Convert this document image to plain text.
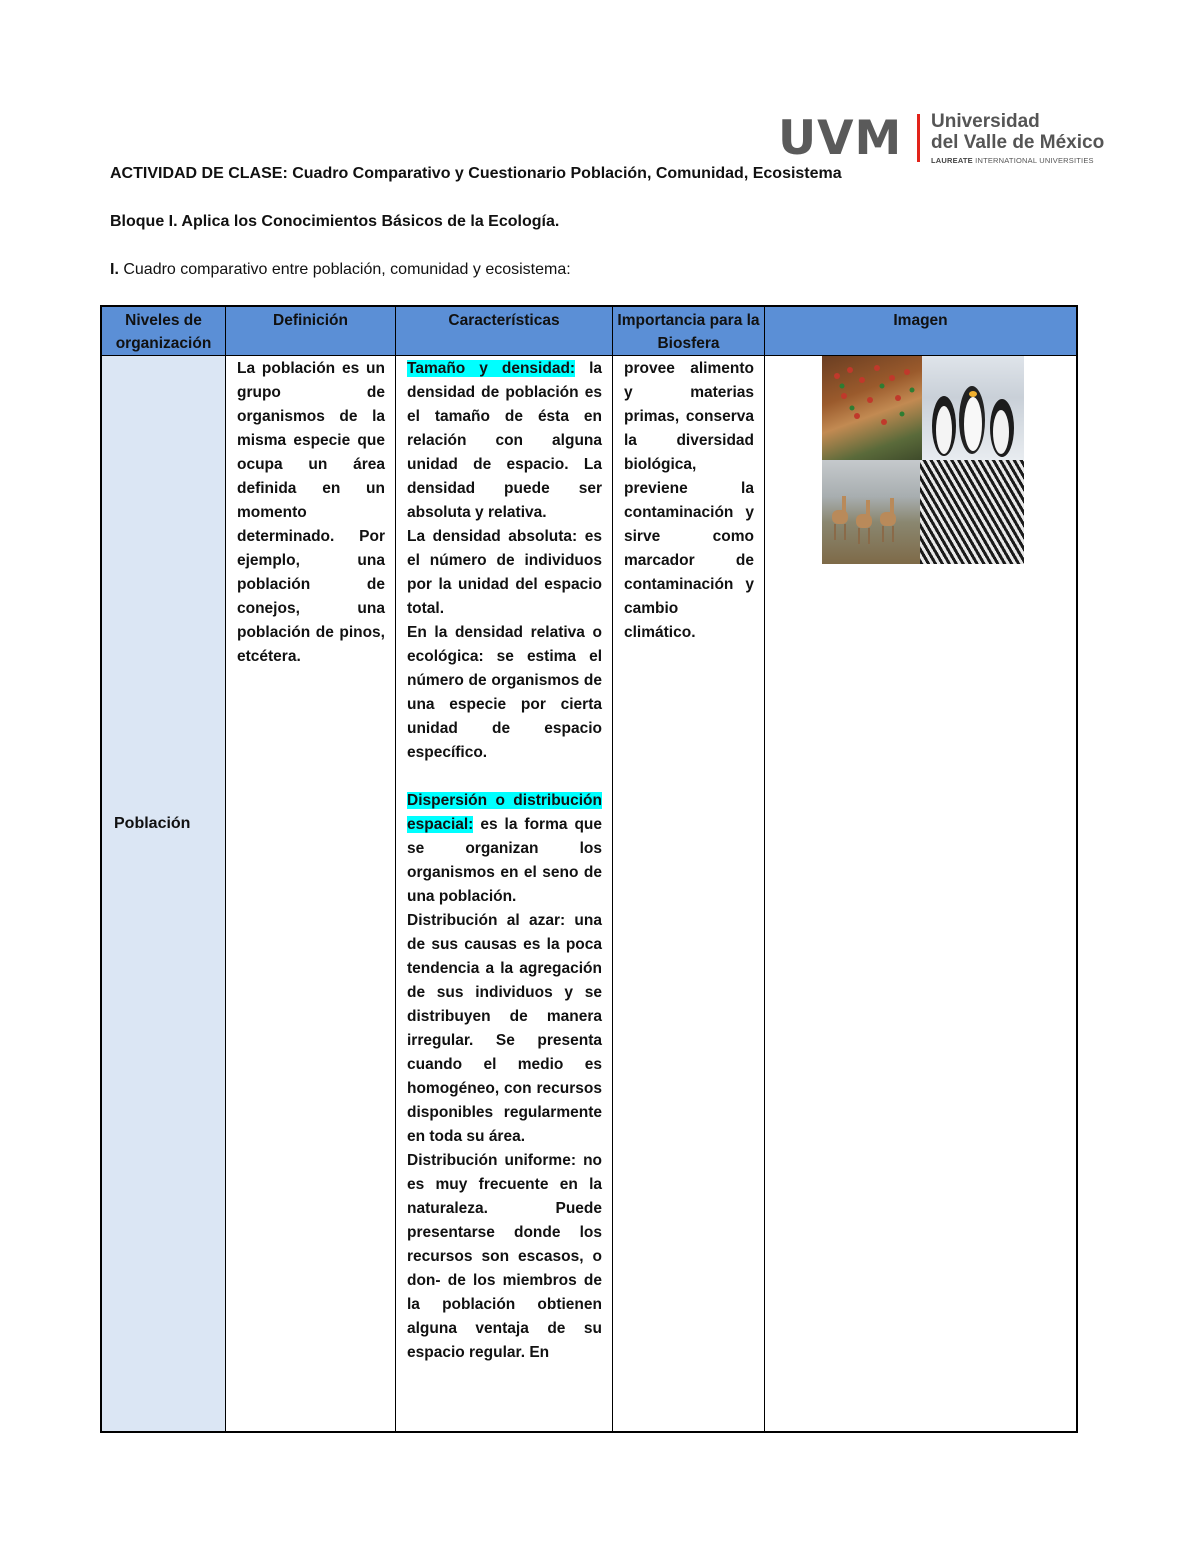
UVM Universidad
del Valle de México
LAUREATE INTERNATIONAL UNIVERSITIES
ACTIVIDAD DE CLASE: Cuadro Comparativo y Cuestionario Población, Comunidad, Ecosistema
Bloque I. Aplica los Conocimientos Básicos de la Ecología.
I. Cuadro comparativo entre población, comunidad y ecosistema:
Población
Niveles de organización
Definición	Características	Importancia para la Biosfera
Imagen

La población es un grupo de organismos de la misma especie que ocupa un área definida en un momento determinado. Por ejemplo, una población de conejos, una población de pinos, etcétera.

Tamaño y densidad: la densidad de población es el tamaño de ésta en relación con alguna unidad de espacio. La densidad puede ser absoluta y relativa.

La densidad absoluta: es el número de individuos por la unidad del espacio total.

En la densidad relativa o ecológica: se estima el número de organismos de una especie por cierta unidad de espacio específico.

Dispersión o distribución espacial: es la forma que se organizan los organismos en el seno de una población.

Distribución al azar: una de sus causas es la poca tendencia a la agregación de sus individuos y se distribuyen de manera irregular. Se presenta cuando el medio es homogéneo, con recursos disponibles regularmente en toda su área.

Distribución uniforme: no es muy frecuente en la naturaleza. Puede presentarse donde los recursos son escasos, o don- de los miembros de la población obtienen alguna ventaja de su espacio regular. En

provee alimento y materias primas, conserva la diversidad biológica, previene la contaminación y sirve como marcador de contaminación y cambio climático.
